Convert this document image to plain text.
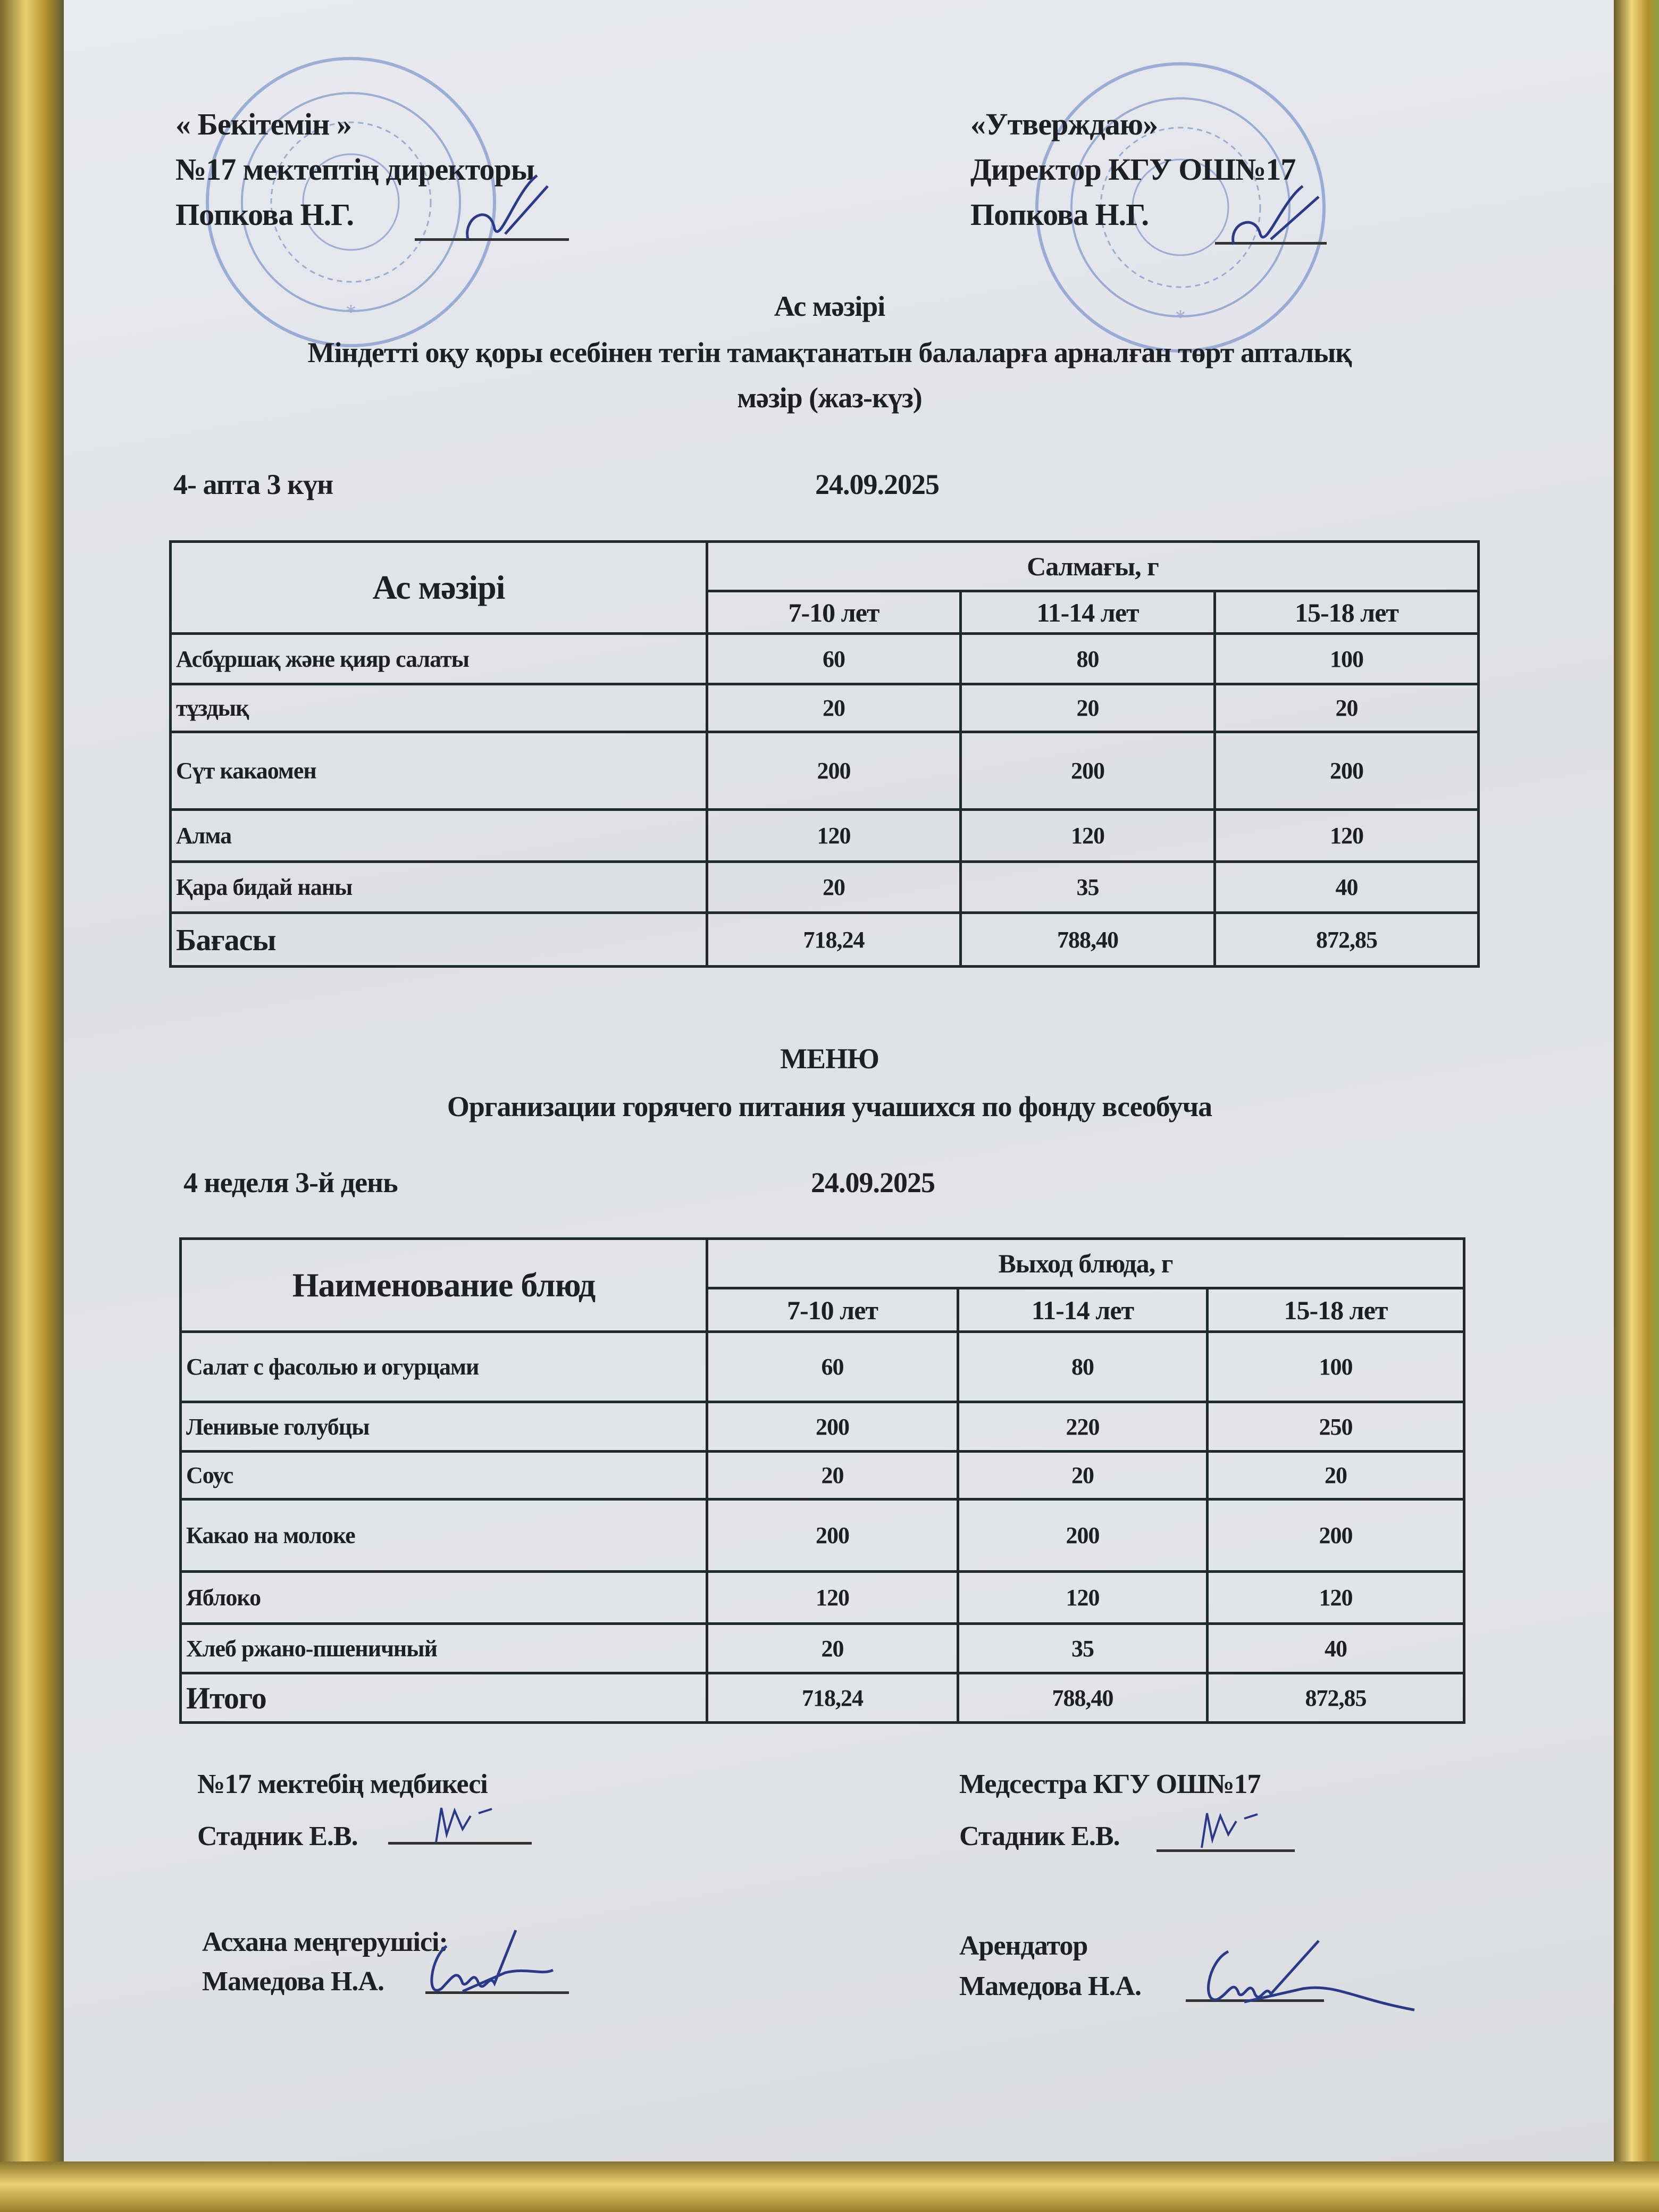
*	*
« Бекітемін »
№17 мектептің директоры
Попкова Н.Г.
«Утверждаю»
Директор КГУ ОШ№17
Попкова Н.Г.
Ас мәзірі
Міндетті оқу қоры есебінен тегін тамақтанатын балаларға арналған төрт апталық
мәзір (жаз-күз)
4- апта 3 күн	24.09.2025
Ас мәзірі	Салмағы, г		
	7-10 лет	11-14 лет	15-18 лет
Асбұршақ және қияр салаты	60	80	100
тұздық	20	20	20
Сүт какаомен	200	200	200
Алма	120	120	120
Қара бидай наны	20	35	40
Бағасы	718,24	788,40	872,85
МЕНЮ
Организации горячего питания учашихся по фонду всеобуча
4 неделя 3-й день	24.09.2025
Наименование блюд	Выход блюда, г		
	7-10 лет	11-14 лет	15-18 лет
Салат с фасолью и огурцами	60	80	100
Ленивые голубцы	200	220	250
Соус	20	20	20
Какао на молоке	200	200	200
Яблоко	120	120	120
Хлеб ржано-пшеничный	20	35	40
Итого	718,24	788,40	872,85
№17 мектебің медбикесі
Стадник Е.В.
Медсестра КГУ ОШ№17
Стадник Е.В.
Асхана меңгерушісі:
Мамедова Н.А.
Арендатор
Мамедова Н.А.
